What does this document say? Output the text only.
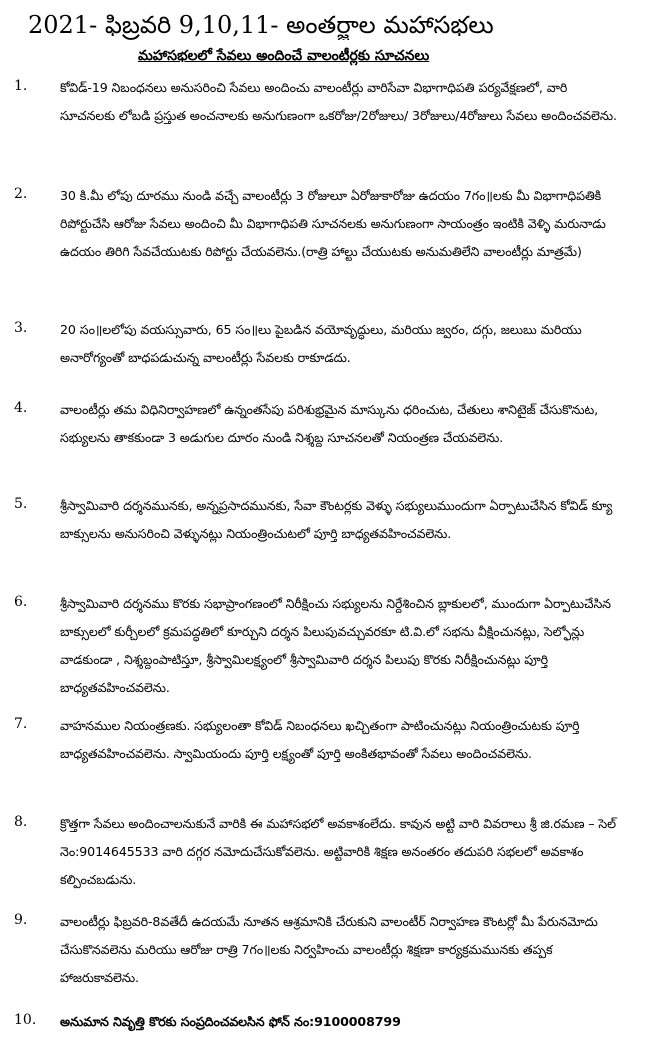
2021- ఫిబ్రవరి 9,10,11- అంతర్జాల మహాసభలు
మహాసభలలో సేవలు అందించే వాలంటీర్లకు సూచనలు
1.	కోవిడ్-19 నిబంధనలు అనుసరించి సేవలు అందించు వాలంటీర్లు వారిసేవా విభాగాధిపతి పర్యవేక్షణలో, వారి సూచనలకు లోబడి ప్రస్తుత అంచనాలకు అనుగుణంగా ఒకరోజు/2రోజులు/ 3రోజులు/4రోజులు సేవలు అందించవలెను.
2.	30 కి.మీ లోపు దూరము నుండి వచ్చే వాలంటీర్లు 3 రోజులూ ఏరోజుకారోజు ఉదయం 7గం॥లకు మీ విభాగాధిపతికి రిపోర్టుచేసి ఆరోజు సేవలు అందించి మీ విభాగాధిపతి సూచనలకు అనుగుణంగా సాయంత్రం ఇంటికి వెళ్ళి మరునాడు ఉదయం తిరిగి సేవచేయుటకు రిపోర్టు చేయవలెను.(రాత్రి హాల్టు చేయుటకు అనుమతిలేని వాలంటీర్లు మాత్రమే)
3.	20 సం॥లలోపు వయస్సువారు, 65 సం॥లు పైబడిన వయోవృద్ధులు, మరియు జ్వరం, దగ్గు, జలుబు మరియు అనారోగ్యంతో బాధపడుచున్న వాలంటీర్లు సేవలకు రాకూడదు.
4.	వాలంటీర్లు తమ విధినిర్వాహణలో ఉన్నంతసేపు పరిశుభ్రమైన మాస్కును ధరించుట, చేతులు శానిటైజ్ చేసుకొనుట, సభ్యులను తాకకుండా 3 అడుగుల దూరం నుండి నిశ్శబ్ద సూచనలతో నియంత్రణ చేయవలెను.
5.	శ్రీస్వామివారి దర్శనమునకు, అన్నప్రసాదమునకు, సేవా కౌంటర్లకు వెళ్ళు సభ్యులుముందుగా ఏర్పాటుచేసిన కోవిడ్ క్యూ బాక్సులను అనుసరించి వెళ్ళునట్లు నియంత్రించుటలో పూర్తి బాధ్యతవహించవలెను.
6.	శ్రీస్వామివారి దర్శనము కొరకు సభాప్రాంగణంలో నిరీక్షించు సభ్యులను నిర్దేశించిన బ్లాకులలో, ముందుగా ఏర్పాటుచేసిన బాక్సులలో కుర్చీలలో క్రమపద్ధతిలో కూర్చుని దర్శన పిలుపువచ్చువరకూ టి.వి.లో సభను వీక్షించునట్లు, సెల్ఫోన్లు వాడకుండా , నిశ్శబ్దంపాటిస్తూ, శ్రీస్వామిలక్ష్యంలో శ్రీస్వామివారి దర్శన పిలుపు కొరకు నిరీక్షించునట్లు పూర్తి బాధ్యతవహించవలెను.
7.	వాహనముల నియంత్రణకు. సభ్యులంతా కోవిడ్ నిబంధనలు ఖచ్చితంగా పాటించునట్లు నియంత్రించుటకు పూర్తి బాధ్యతవహించవలెను. స్వామియందు పూర్తి లక్ష్యంతో పూర్తి అంకితభావంతో సేవలు అందించవలెను.
8.	క్రొత్తగా సేవలు అందించాలనుకునే వారికి ఈ మహాసభలో అవకాశంలేదు. కావున అట్టి వారి వివరాలు శ్రీ జి.రమణ – సెల్ నెం:9014645533 వారి దగ్గర నమోదుచేసుకోవలెను. అట్టివారికి శిక్షణ అనంతరం తదుపరి సభలలో అవకాశం కల్పించబడును.
9.	వాలంటీర్లు ఫిబ్రవరి-8వతేదీ ఉదయమే నూతన ఆశ్రమానికి చేరుకుని వాలంటీర్ నిర్వాహణ కౌంటర్లో మీ పేరునమోదు చేసుకొనవలెను మరియు ఆరోజు రాత్రి 7గం॥లకు నిర్వహించు వాలంటీర్లు శిక్షణా కార్యక్రమమునకు తప్పక హాజరుకావలెను.
10. అనుమాన నివృత్తి కొరకు సంప్రదించవలసిన ఫోన్ నం:9100008799
